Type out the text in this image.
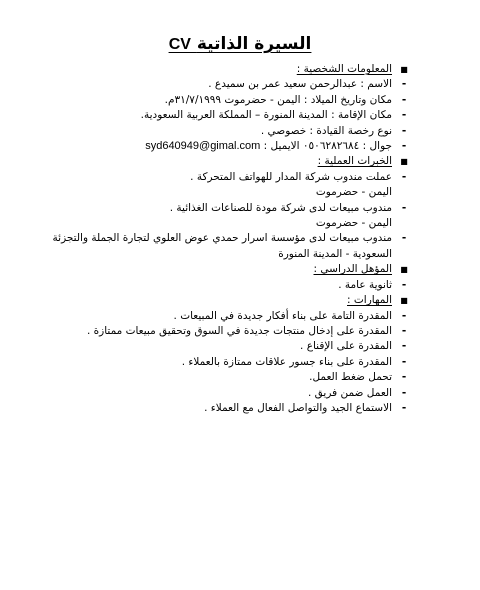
السيرة الذاتية CV
■
المعلومات الشخصية :
-
الاسم : عبدالرحمن سعيد عمر بن سميدع .
-
مكان وتاريخ الميلاد : اليمن - حضرموت ٣١/٧/١٩٩٩م.
-
مكان الإقامة : المدينة المنورة – المملكة العربية السعودية.
-
نوع رخصة القيادة : خصوصي .
-
جوال : ٠٥٠٦٢٨٢٦٨٤ الايميل : syd640949@gimal.com
■
الخبرات العملية :
-
عملت مندوب شركة المدار للهواتف المتحركة .
اليمن - حضرموت
-
مندوب مبيعات لدى شركة مودة للصناعات الغذائية .
اليمن - حضرموت
-
مندوب مبيعات لدى مؤسسة اسرار حمدي عوض العلوي لتجارة الجملة والتجزئة
السعودية - المدينة المنورة
■
المؤهل الدراسي :
-
ثانوية عامة .
■
المهارات :
-
المقدرة التامة على بناء أفكار جديدة في المبيعات .
-
المقدرة على إدخال منتجات جديدة في السوق وتحقيق مبيعات ممتازة .
-
المقدرة على الإقناع .
-
المقدرة على بناء جسور علاقات ممتازة بالعملاء .
-
تحمل ضغط العمل.
-
العمل ضمن فريق .
-
الاستماع الجيد والتواصل الفعال مع العملاء .
